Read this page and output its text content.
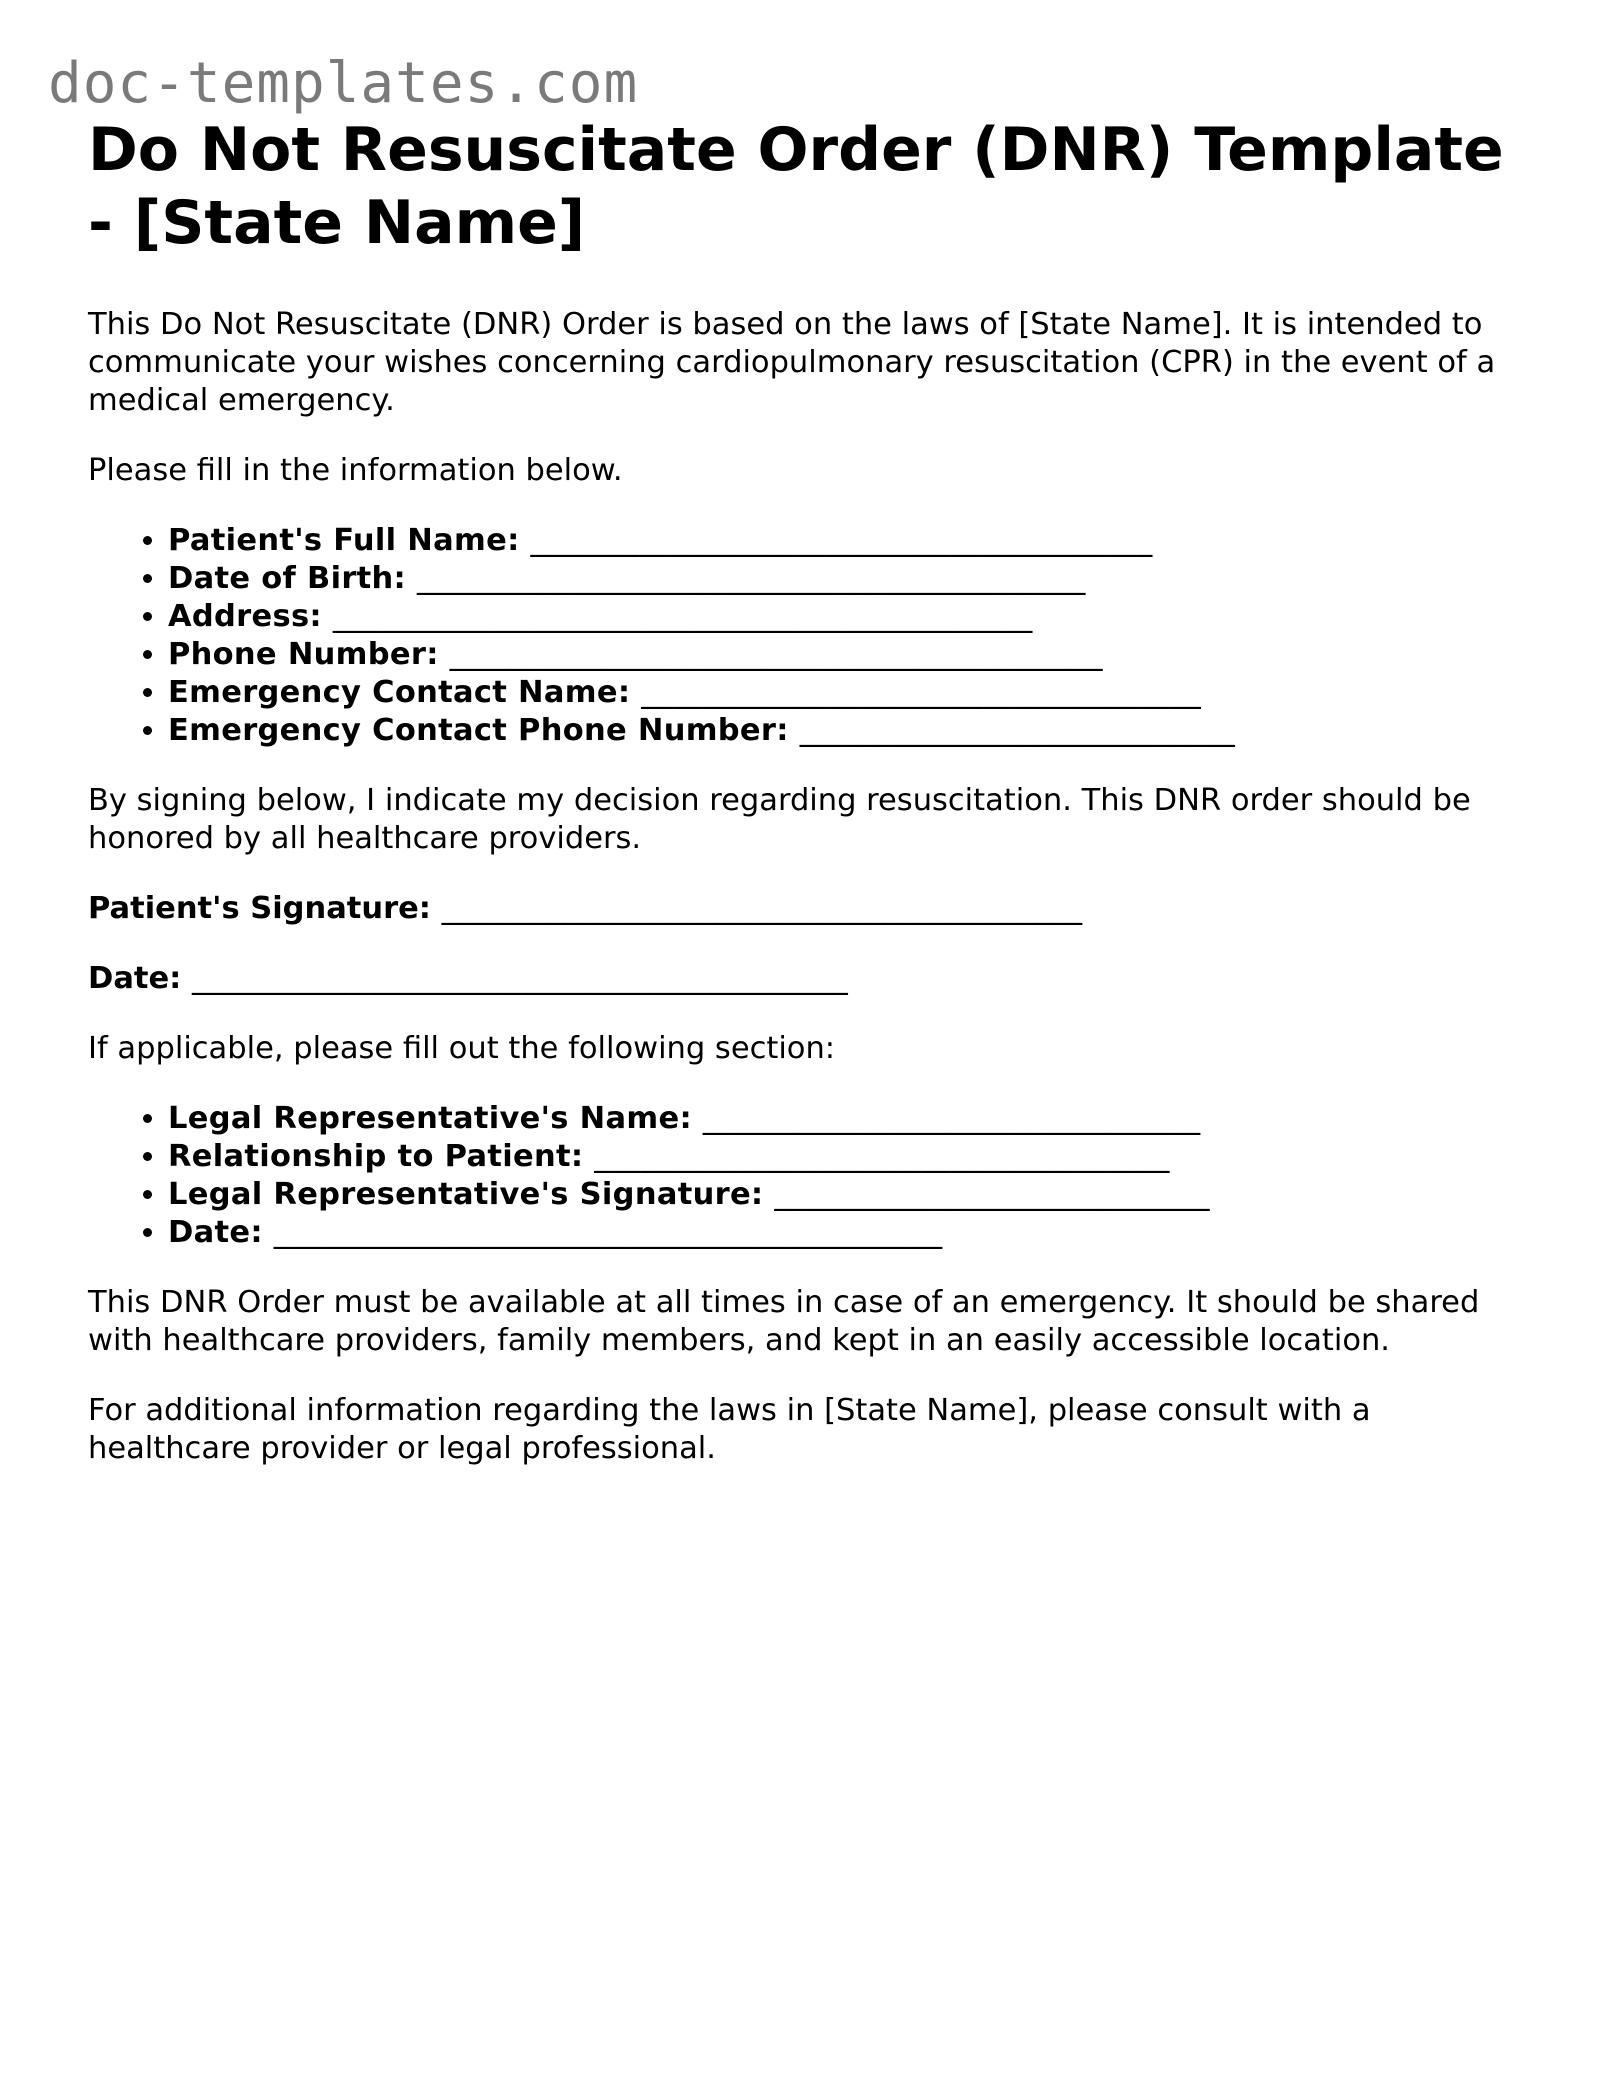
doc-templates.com
Do Not Resuscitate Order (DNR) Template - [State Name]

This Do Not Resuscitate (DNR) Order is based on the laws of [State Name]. It is intended to communicate your wishes concerning cardiopulmonary resuscitation (CPR) in the event of a medical emergency.

Please fill in the information below.

• Patient's Full Name: ________________________________________
• Date of Birth: ___________________________________________
• Address: _____________________________________________
• Phone Number: __________________________________________
• Emergency Contact Name: ____________________________________
• Emergency Contact Phone Number: ____________________________

By signing below, I indicate my decision regarding resuscitation. This DNR order should be honored by all healthcare providers.

Patient's Signature: __________________________________________

Date: ___________________________________________

If applicable, please fill out the following section:

• Legal Representative's Name: ________________________________
• Relationship to Patient: _____________________________________
• Legal Representative's Signature: ____________________________
• Date: ___________________________________________

This DNR Order must be available at all times in case of an emergency. It should be shared with healthcare providers, family members, and kept in an easily accessible location.

For additional information regarding the laws in [State Name], please consult with a healthcare provider or legal professional.
